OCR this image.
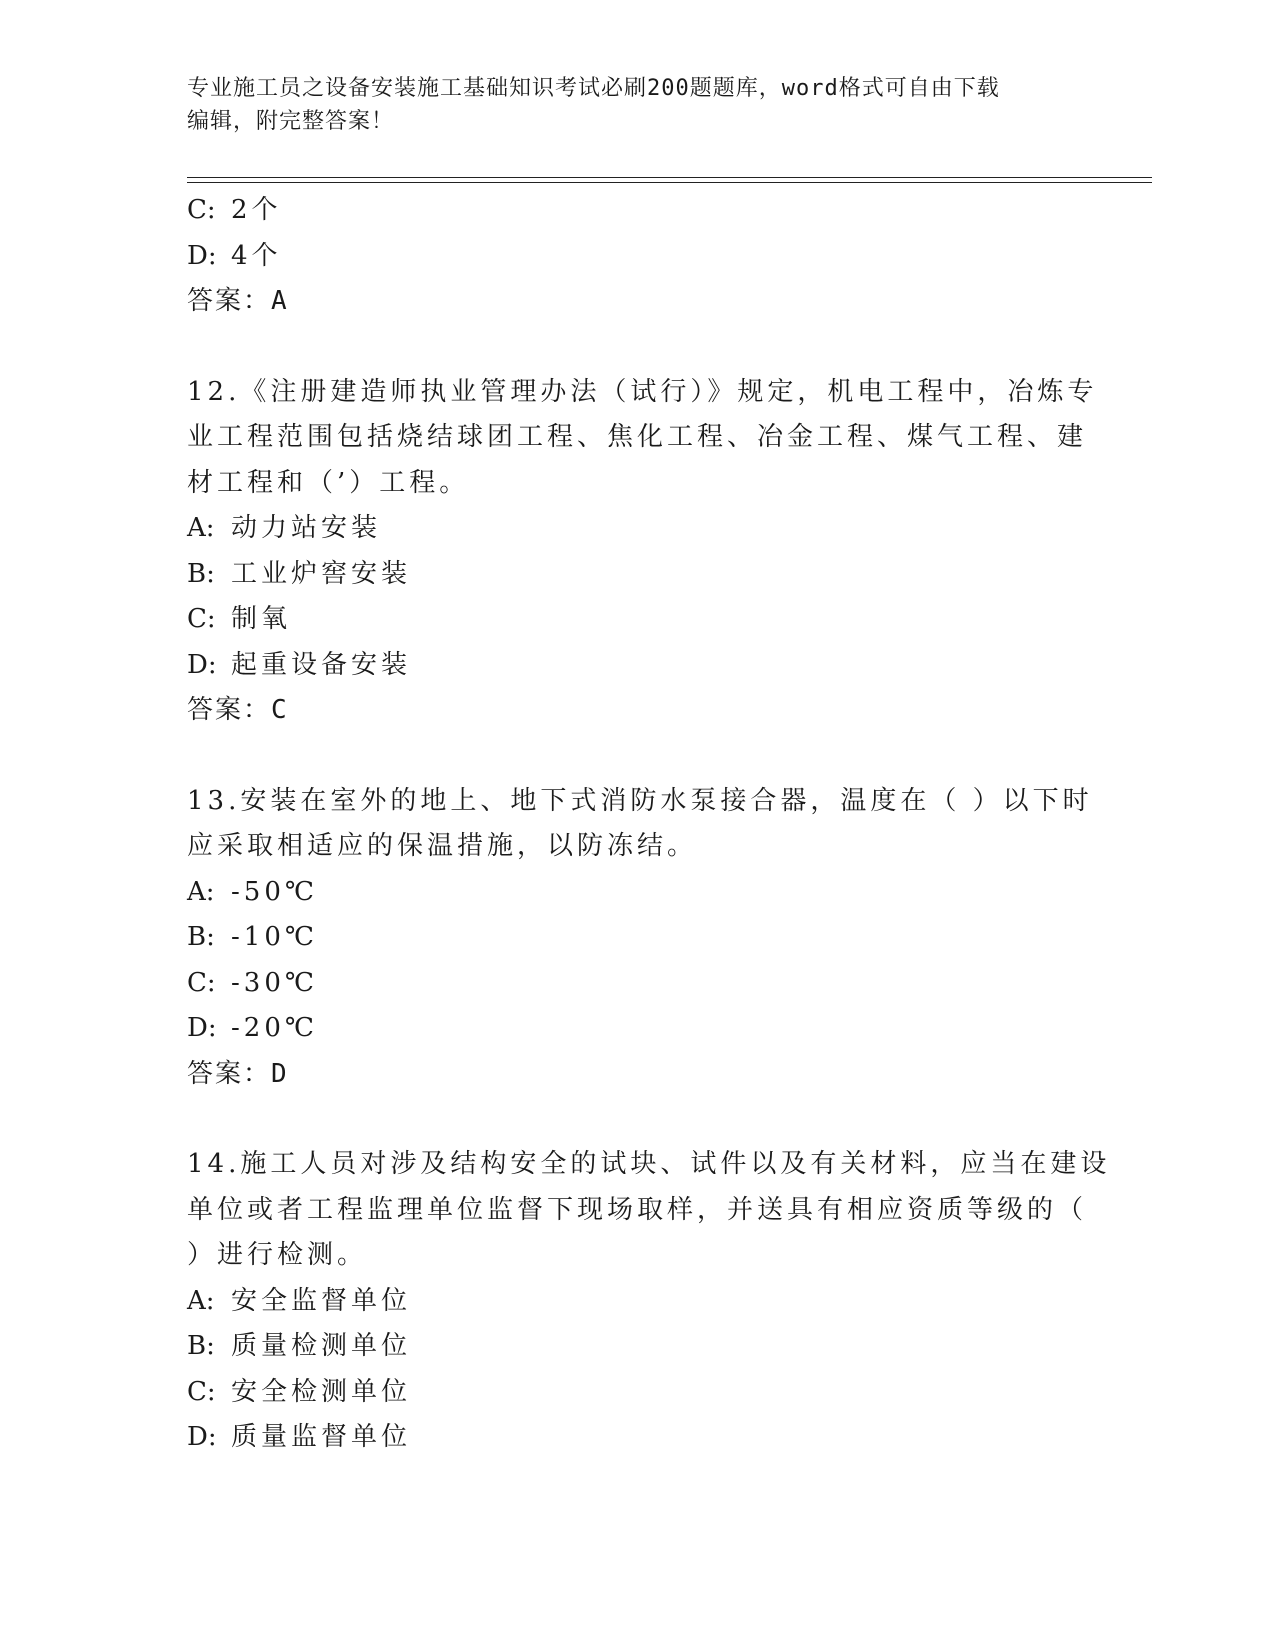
专业施工员之设备安装施工基础知识考试必刷200题题库，word格式可自由下载
编辑，附完整答案！
C: 2个
D: 4个
答案：A
12.《注册建造师执业管理办法（试行）》规定，机电工程中，冶炼专
业工程范围包括烧结球团工程、焦化工程、冶金工程、煤气工程、建
材工程和（’）工程。
A: 动力站安装
B: 工业炉窖安装
C: 制氧
D: 起重设备安装
答案：C
13.安装在室外的地上、地下式消防水泵接合器，温度在（ ）以下时
应采取相适应的保温措施，以防冻结。
A: -50℃
B: -10℃
C: -30℃
D: -20℃
答案：D
14.施工人员对涉及结构安全的试块、试件以及有关材料，应当在建设
单位或者工程监理单位监督下现场取样，并送具有相应资质等级的（
）进行检测。
A: 安全监督单位
B: 质量检测单位
C: 安全检测单位
D: 质量监督单位
